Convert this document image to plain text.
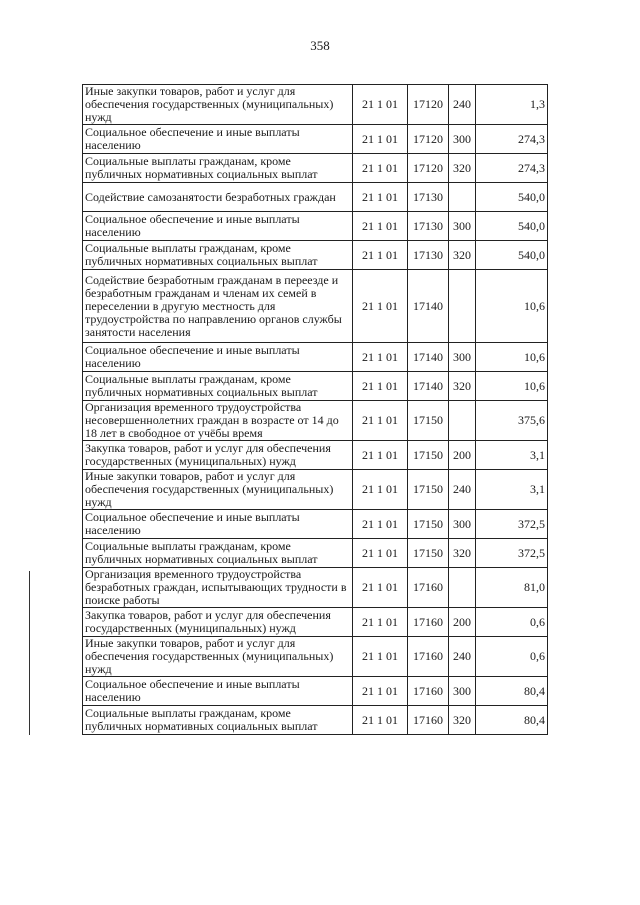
358
Иные закупки товаров, работ и услуг для обеспечения государственных (муниципальных) нужд	21 1 01	17120	240	1,3
Социальное обеспечение и иные выплаты населению	21 1 01	17120	300	274,3
Социальные выплаты гражданам, кроме публичных нормативных социальных выплат	21 1 01	17120	320	274,3
Содействие самозанятости безработных граждан	21 1 01	17130		540,0
Социальное обеспечение и иные выплаты населению	21 1 01	17130	300	540,0
Социальные выплаты гражданам, кроме публичных нормативных социальных выплат	21 1 01	17130	320	540,0
Содействие безработным гражданам в переезде и безработным гражданам и членам их семей в переселении в другую местность для трудоустройства по направлению органов службы занятости населения	21 1 01	17140		10,6
Социальное обеспечение и иные выплаты населению	21 1 01	17140	300	10,6
Социальные выплаты гражданам, кроме публичных нормативных социальных выплат	21 1 01	17140	320	10,6
Организация временного трудоустройства несовершеннолетних граждан в возрасте от 14 до 18 лет в свободное от учёбы время	21 1 01	17150		375,6
Закупка товаров, работ и услуг для обеспечения государственных (муниципальных) нужд	21 1 01	17150	200	3,1
Иные закупки товаров, работ и услуг для обеспечения государственных (муниципальных) нужд	21 1 01	17150	240	3,1
Социальное обеспечение и иные выплаты населению	21 1 01	17150	300	372,5
Социальные выплаты гражданам, кроме публичных нормативных социальных выплат	21 1 01	17150	320	372,5
Организация временного трудоустройства безработных граждан, испытывающих трудности в поиске работы	21 1 01	17160		81,0
Закупка товаров, работ и услуг для обеспечения государственных (муниципальных) нужд	21 1 01	17160	200	0,6
Иные закупки товаров, работ и услуг для обеспечения государственных (муниципальных) нужд	21 1 01	17160	240	0,6
Социальное обеспечение и иные выплаты населению	21 1 01	17160	300	80,4
Социальные выплаты гражданам, кроме публичных нормативных социальных выплат	21 1 01	17160	320	80,4
